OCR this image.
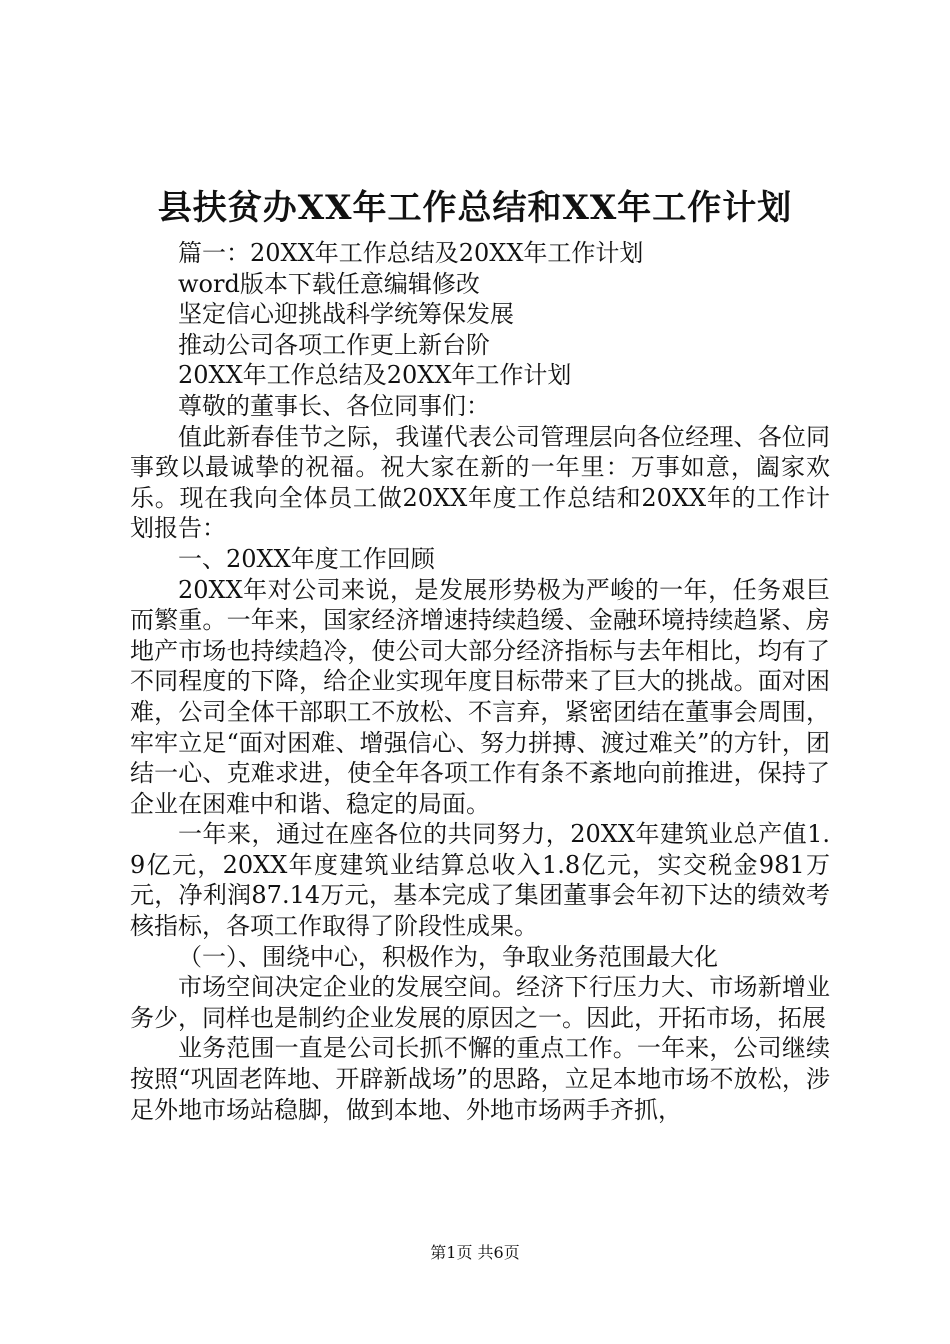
县扶贫办XX年工作总结和XX年工作计划

篇一：20XX年工作总结及20XX年工作计划

word版本下载任意编辑修改

坚定信心迎挑战科学统筹保发展

推动公司各项工作更上新台阶

20XX年工作总结及20XX年工作计划

尊敬的董事长、各位同事们：

值此新春佳节之际，我谨代表公司管理层向各位经理、各位同事致以最诚挚的祝福。祝大家在新的一年里：万事如意，阖家欢乐。现在我向全体员工做20XX年度工作总结和20XX年的工作计划报告：

一、20XX年度工作回顾

20XX年对公司来说，是发展形势极为严峻的一年，任务艰巨而繁重。一年来，国家经济增速持续趋缓、金融环境持续趋紧、房地产市场也持续趋冷，使公司大部分经济指标与去年相比，均有了不同程度的下降，给企业实现年度目标带来了巨大的挑战。面对困难，公司全体干部职工不放松、不言弃，紧密团结在董事会周围，牢牢立足“面对困难、增强信心、努力拼搏、渡过难关”的方针，团结一心、克难求进，使全年各项工作有条不紊地向前推进，保持了企业在困难中和谐、稳定的局面。

一年来，通过在座各位的共同努力，20XX年建筑业总产值1.9亿元，20XX年度建筑业结算总收入1.8亿元，实交税金981万元，净利润87.14万元，基本完成了集团董事会年初下达的绩效考核指标，各项工作取得了阶段性成果。

（一）、围绕中心，积极作为，争取业务范围最大化

市场空间决定企业的发展空间。经济下行压力大、市场新增业务少，同样也是制约企业发展的原因之一。因此，开拓市场，拓展

业务范围一直是公司长抓不懈的重点工作。一年来，公司继续按照“巩固老阵地、开辟新战场”的思路，立足本地市场不放松，涉足外地市场站稳脚，做到本地、外地市场两手齐抓，

第1页 共6页
